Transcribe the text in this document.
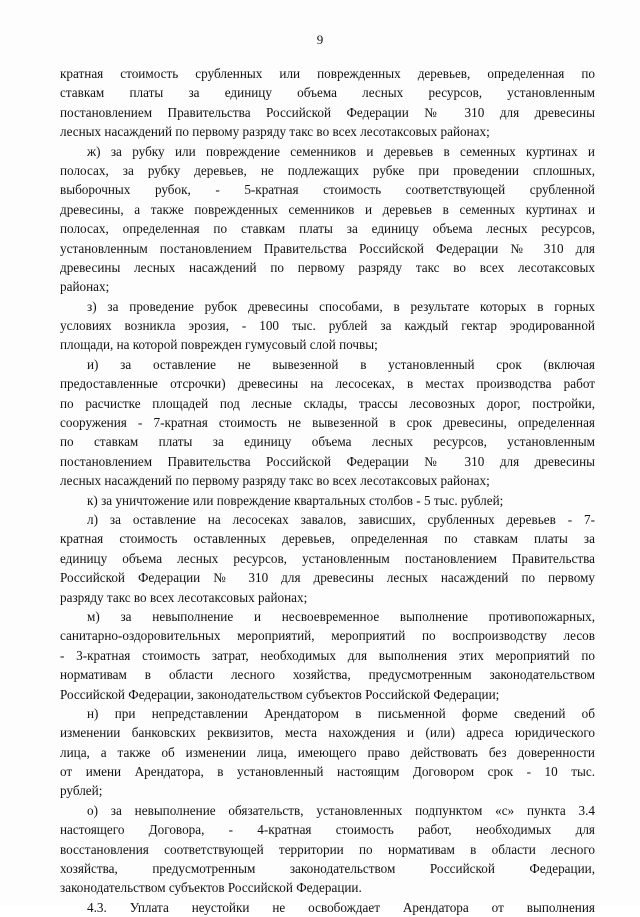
9
кратная стоимость срубленных или поврежденных деревьев, определенная по
ставкам платы за единицу объема лесных ресурсов, установленным
постановлением Правительства Российской Федерации № 310 для древесины
лесных насаждений по первому разряду такс во всех лесотаксовых районах;
ж) за рубку или повреждение семенников и деревьев в семенных куртинах и
полосах, за рубку деревьев, не подлежащих рубке при проведении сплошных,
выборочных рубок, - 5-кратная стоимость соответствующей срубленной
древесины, а также поврежденных семенников и деревьев в семенных куртинах и
полосах, определенная по ставкам платы за единицу объема лесных ресурсов,
установленным постановлением Правительства Российской Федерации № 310 для
древесины лесных насаждений по первому разряду такс во всех лесотаксовых
районах;
з) за проведение рубок древесины способами, в результате которых в горных
условиях возникла эрозия, - 100 тыс. рублей за каждый гектар эродированной
площади, на которой поврежден гумусовый слой почвы;
и) за оставление не вывезенной в установленный срок (включая
предоставленные отсрочки) древесины на лесосеках, в местах производства работ
по расчистке площадей под лесные склады, трассы лесовозных дорог, постройки,
сооружения - 7-кратная стоимость не вывезенной в срок древесины, определенная
по ставкам платы за единицу объема лесных ресурсов, установленным
постановлением Правительства Российской Федерации № 310 для древесины
лесных насаждений по первому разряду такс во всех лесотаксовых районах;
к) за уничтожение или повреждение квартальных столбов - 5 тыс. рублей;
л) за оставление на лесосеках завалов, зависших, срубленных деревьев - 7-
кратная стоимость оставленных деревьев, определенная по ставкам платы за
единицу объема лесных ресурсов, установленным постановлением Правительства
Российской Федерации № 310 для древесины лесных насаждений по первому
разряду такс во всех лесотаксовых районах;
м) за невыполнение и несвоевременное выполнение противопожарных,
санитарно-оздоровительных мероприятий, мероприятий по воспроизводству лесов
- 3-кратная стоимость затрат, необходимых для выполнения этих мероприятий по
нормативам в области лесного хозяйства, предусмотренным законодательством
Российской Федерации, законодательством субъектов Российской Федерации;
н) при непредставлении Арендатором в письменной форме сведений об
изменении банковских реквизитов, места нахождения и (или) адреса юридического
лица, а также об изменении лица, имеющего право действовать без доверенности
от имени Арендатора, в установленный настоящим Договором срок - 10 тыс.
рублей;
о) за невыполнение обязательств, установленных подпунктом «с» пункта 3.4
настоящего Договора, - 4-кратная стоимость работ, необходимых для
восстановления соответствующей территории по нормативам в области лесного
хозяйства, предусмотренным законодательством Российской Федерации,
законодательством субъектов Российской Федерации.
4.3. Уплата неустойки не освобождает Арендатора от выполнения
